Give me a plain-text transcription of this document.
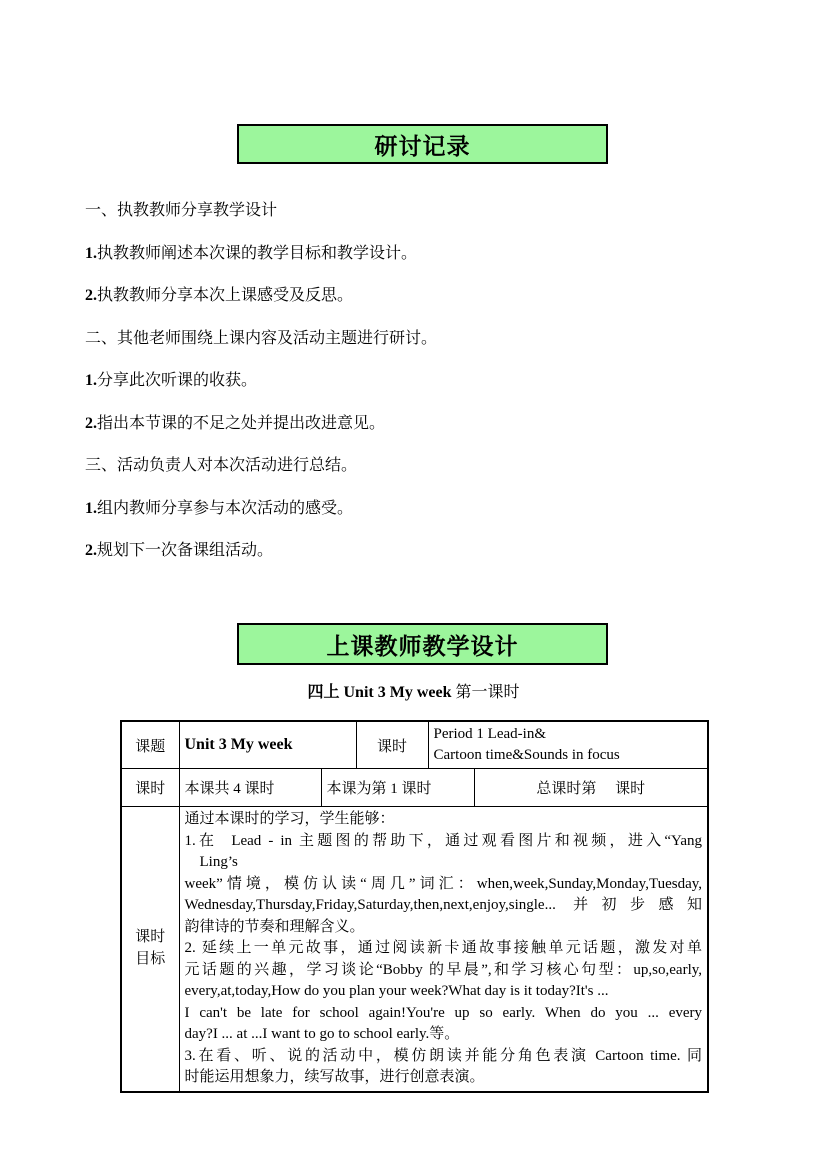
研讨记录

一、执教教师分享教学设计

1.执教教师阐述本次课的教学目标和教学设计。

2.执教教师分享本次上课感受及反思。

二、其他老师围绕上课内容及活动主题进行研讨。

1.分享此次听课的收获。

2.指出本节课的不足之处并提出改进意见。

三、活动负责人对本次活动进行总结。

1.组内教师分享参与本次活动的感受。

2.规划下一次备课组活动。

上课教师教学设计
四上 Unit 3 My week 第一课时
课题	Unit 3 My week		课时	Period 1 Lead-in&
Cartoon time&Sounds in focus	

课时	本课共 4 课时	本课为第 1 课时			总课时第　 课时

课时
目标

通过本课时的学习，学生能够：
1.在  Lead - in 主题图的帮助下，通过观看图片和视频，进入“Yang
　Ling’s
week”情境，模仿认读“周几”词汇：when,week,Sunday,Monday,Tuesday,
Wednesday,Thursday,Friday,Saturday,then,next,enjoy,single... 并初步感知
韵律诗的节奏和理解含义。
2. 延续上一单元故事，通过阅读新卡通故事接触单元话题，激发对单
元话题的兴趣，学习谈论“Bobby 的早晨”,和学习核心句型：up,so,early,
every,at,today,How do you plan your week?What day is it today?It's ...
I can't be late for school again!You're up so early. When do you ... every
day?I ... at ...I want to go to school early.等。
3.在看、听、说的活动中，模仿朗读并能分角色表演 Cartoon time. 同
时能运用想象力，续写故事，进行创意表演。
